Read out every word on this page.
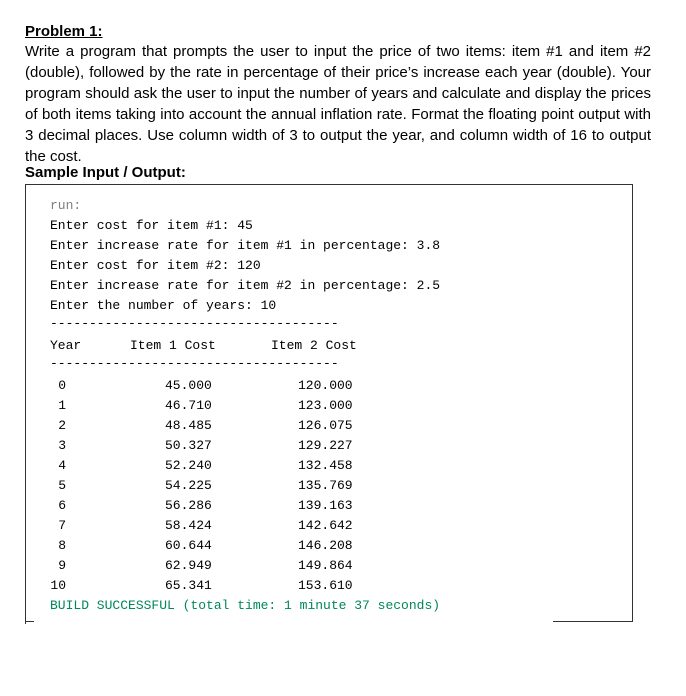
Problem 1:

Write a program that prompts the user to input the price of two items: item #1 and item #2 (double), followed by the rate in percentage of their price’s increase each year (double). Your program should ask the user to input the number of years and calculate and display the prices of both items taking into account the annual inflation rate. Format the floating point output with 3 decimal places. Use column width of 3 to output the year, and column width of 16 to output the cost.

Sample Input / Output:
run:
Enter cost for item #1: 45
Enter increase rate for item #1 in percentage: 3.8
Enter cost for item #2: 120
Enter increase rate for item #2 in percentage: 2.5
Enter the number of years: 10
-------------------------------------
Year	Item 1 Cost	Item 2 Cost
-------------------------------------
0	45.000	120.000
1	46.710	123.000
2	48.485	126.075
3	50.327	129.227
4	52.240	132.458
5	54.225	135.769
6	56.286	139.163
7	58.424	142.642
8	60.644	146.208
9	62.949	149.864
10	65.341	153.610
BUILD SUCCESSFUL (total time: 1 minute 37 seconds)
